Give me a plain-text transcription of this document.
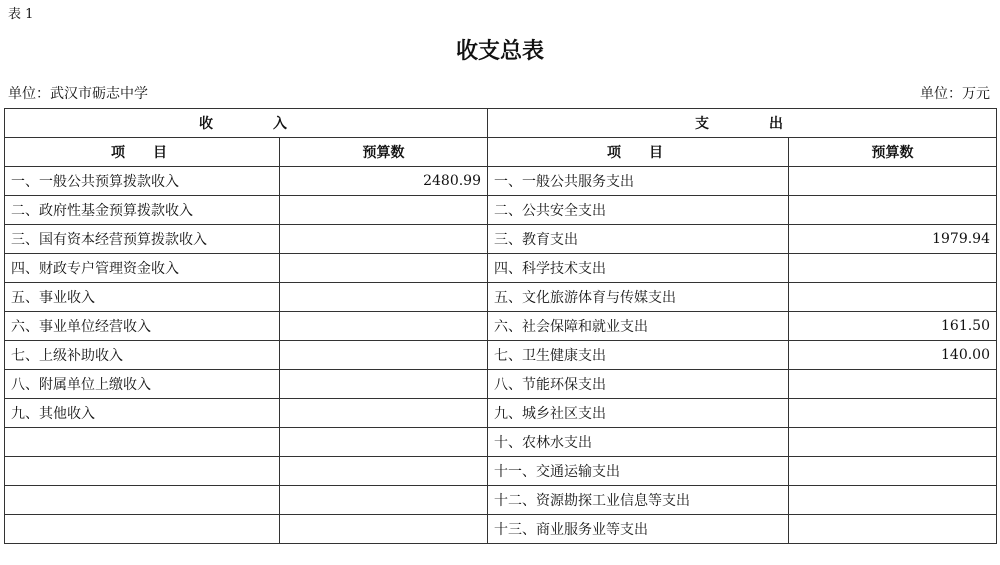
表 1
收支总表
单位：武汉市砺志中学	单位：万元
收入		支出	
项目	预算数	项目	预算数
一、一般公共预算拨款收入	2480.99	一、一般公共服务支出	
二、政府性基金预算拨款收入		二、公共安全支出	
三、国有资本经营预算拨款收入		三、教育支出	1979.94
四、财政专户管理资金收入		四、科学技术支出	
五、事业收入		五、文化旅游体育与传媒支出	
六、事业单位经营收入		六、社会保障和就业支出	161.50
七、上级补助收入		七、卫生健康支出	140.00
八、附属单位上缴收入		八、节能环保支出	
九、其他收入		九、城乡社区支出	
		十、农林水支出	
		十一、交通运输支出	
		十二、资源勘探工业信息等支出	
		十三、商业服务业等支出	
